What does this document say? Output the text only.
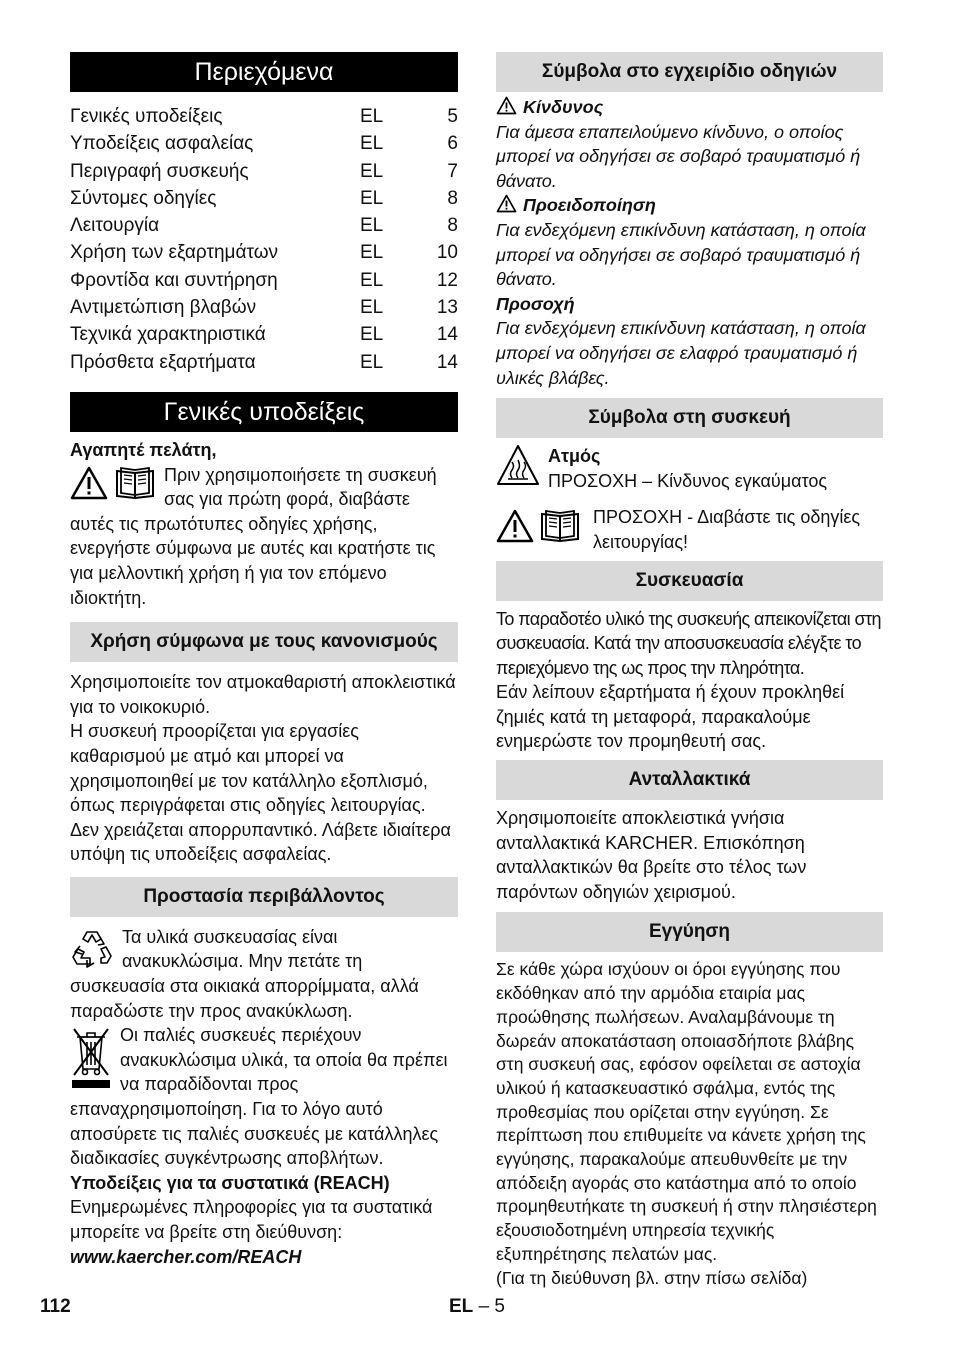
Περιεχόμενα
Γενικές υποδείξεις	EL	5
Υποδείξεις ασφαλείας	EL	6
Περιγραφή συσκευής	EL	7
Σύντομες οδηγίες	EL	8
Λειτουργία	EL	8
Χρήση των εξαρτημάτων	EL	10
Φροντίδα και συντήρηση	EL	12
Αντιμετώπιση βλαβών	EL	13
Τεχνικά χαρακτηριστικά	EL	14
Πρόσθετα εξαρτήματα	EL	14
Γενικές υποδείξεις

Αγαπητέ πελάτη,

Πριν χρησιμοποιήσετε τη συσκευή σας για πρώτη φορά, διαβάστε αυτές τις πρωτότυπες οδηγίες χρήσης, ενεργήστε σύμφωνα με αυτές και κρατήστε τις για μελλοντική χρήση ή για τον επόμενο ιδιοκτήτη.

Χρήση σύμφωνα με τους κανονισμούς

Χρησιμοποιείτε τον ατμοκαθαριστή αποκλειστικά για το νοικοκυριό.

Η συσκευή προορίζεται για εργασίες καθαρισμού με ατμό και μπορεί να χρησιμοποιηθεί με τον κατάλληλο εξοπλισμό, όπως περιγράφεται στις οδηγίες λειτουργίας. Δεν χρειάζεται απορρυπαντικό. Λάβετε ιδιαίτερα υπόψη τις υποδείξεις ασφαλείας.

Προστασία περιβάλλοντος

Τα υλικά συσκευασίας είναι ανακυκλώσιμα. Μην πετάτε τη συσκευασία στα οικιακά απορρίμματα, αλλά παραδώστε την προς ανακύκλωση.

Οι παλιές συσκευές περιέχουν ανακυκλώσιμα υλικά, τα οποία θα πρέπει να παραδίδονται προς επαναχρησιμοποίηση. Για το λόγο αυτό αποσύρετε τις παλιές συσκευές με κατάλληλες διαδικασίες συγκέντρωσης αποβλήτων.

Υποδείξεις για τα συστατικά (REACH)

Ενημερωμένες πληροφορίες για τα συστατικά μπορείτε να βρείτε στη διεύθυνση:

www.kaercher.com/REACH

Σύμβολα στο εγχειρίδιο οδηγιών

Κίνδυνος

Για άμεσα επαπειλούμενο κίνδυνο, ο οποίος μπορεί να οδηγήσει σε σοβαρό τραυματισμό ή θάνατο.

Προειδοποίηση

Για ενδεχόμενη επικίνδυνη κατάσταση, η οποία μπορεί να οδηγήσει σε σοβαρό τραυματισμό ή θάνατο.

Προσοχή

Για ενδεχόμενη επικίνδυνη κατάσταση, η οποία μπορεί να οδηγήσει σε ελαφρό τραυματισμό ή υλικές βλάβες.

Σύμβολα στη συσκευή

Ατμός

ΠΡΟΣΟΧΗ – Κίνδυνος εγκαύματος

ΠΡΟΣΟΧΗ - Διαβάστε τις οδηγίες λειτουργίας!

Συσκευασία

Το παραδοτέο υλικό της συσκευής απεικονίζεται στη συσκευασία. Κατά την αποσυσκευασία ελέγξτε το περιεχόμενο της ως προς την πληρότητα.

Εάν λείπουν εξαρτήματα ή έχουν προκληθεί ζημιές κατά τη μεταφορά, παρακαλούμε ενημερώστε τον προμηθευτή σας.

Ανταλλακτικά

Χρησιμοποιείτε αποκλειστικά γνήσια ανταλλακτικά KARCHER. Επισκόπηση ανταλλακτικών θα βρείτε στο τέλος των παρόντων οδηγιών χειρισμού.

Εγγύηση

Σε κάθε χώρα ισχύουν οι όροι εγγύησης που εκδόθηκαν από την αρμόδια εταιρία μας προώθησης πωλήσεων. Αναλαμβάνουμε τη δωρεάν αποκατάσταση οποιασδήποτε βλάβης στη συσκευή σας, εφόσον οφείλεται σε αστοχία υλικού ή κατασκευαστικό σφάλμα, εντός της προθεσμίας που ορίζεται στην εγγύηση. Σε περίπτωση που επιθυμείτε να κάνετε χρήση της εγγύησης, παρακαλούμε απευθυνθείτε με την απόδειξη αγοράς στο κατάστημα από το οποίο προμηθευτήκατε τη συσκευή ή στην πλησιέστερη εξουσιοδοτημένη υπηρεσία τεχνικής εξυπηρέτησης πελατών μας.

(Για τη διεύθυνση βλ. στην πίσω σελίδα)

112	EL – 5
